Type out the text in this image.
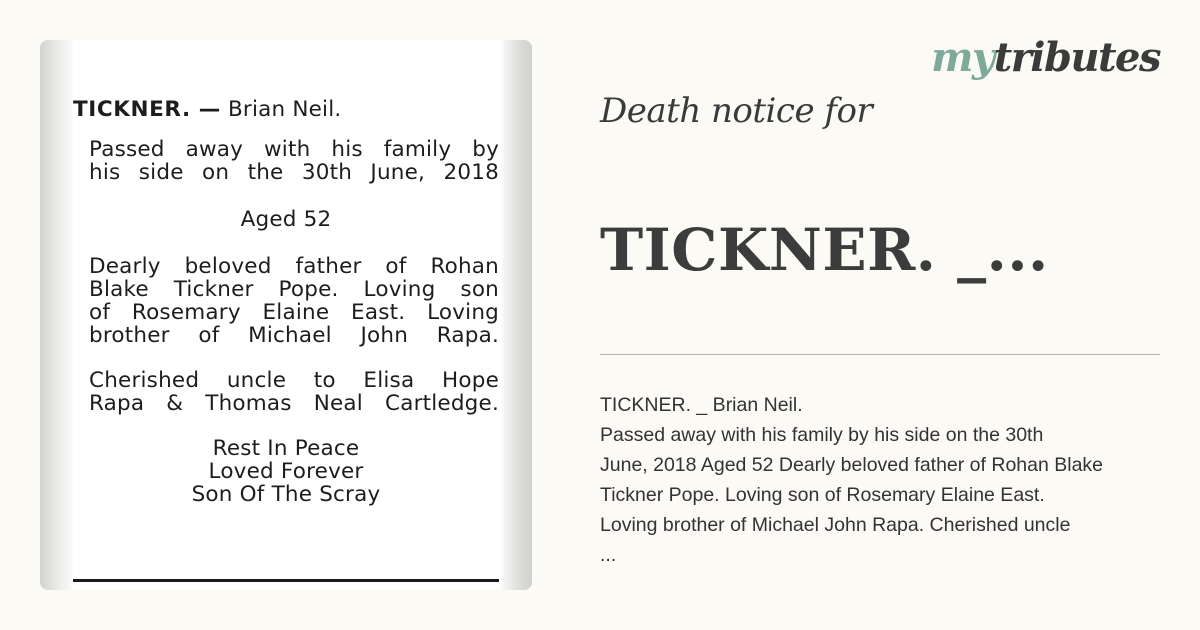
TICKNER. — Brian Neil.
Passed away with his family by
his side on the 30th June, 2018
Aged 52
Dearly beloved father of Rohan
Blake Tickner Pope. Loving son
of Rosemary Elaine East. Loving
brother of Michael John Rapa.
Cherished uncle to Elisa Hope
Rapa & Thomas Neal Cartledge.
Rest In Peace
Loved Forever
Son Of The Scray
mytributes
Death notice for
TICKNER. _...
TICKNER. _ Brian Neil.
Passed away with his family by his side on the 30th
June, 2018 Aged 52 Dearly beloved father of Rohan Blake
Tickner Pope. Loving son of Rosemary Elaine East.
Loving brother of Michael John Rapa. Cherished uncle
...
